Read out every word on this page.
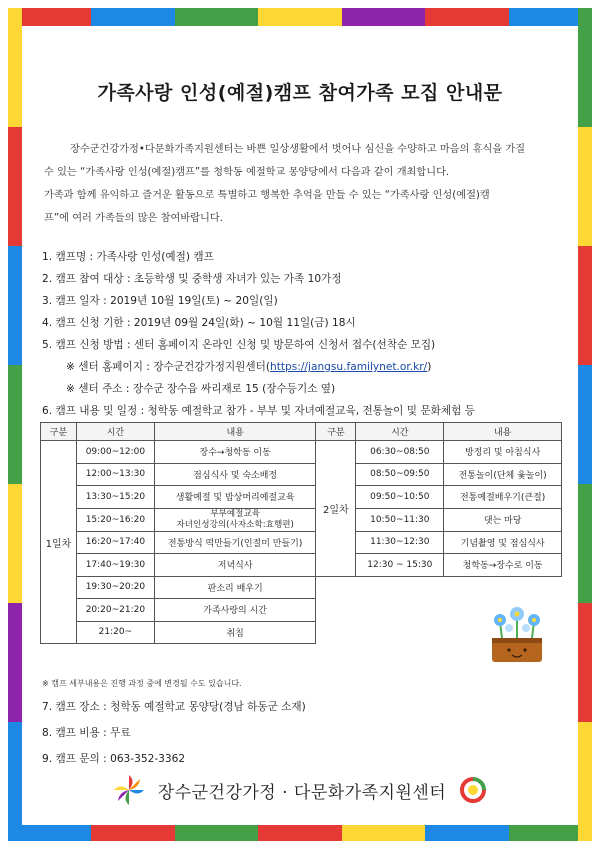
가족사랑 인성(예절)캠프 참여가족 모집 안내문

장수군건강가정•다문화가족지원센터는 바쁜 일상생활에서 벗어나 심신을 수양하고 마음의 휴식을 가질

수 있는 “가족사랑 인성(예절)캠프”를 청학동 예절학교 몽양당에서 다음과 같이 개최합니다.

가족과 함께 유익하고 즐거운 활동으로 특별하고 행복한 추억을 만들 수 있는 “가족사랑 인성(예절)캠

프”에 여러 가족들의 많은 참여바랍니다.

1. 캠프명 : 가족사랑 인성(예절) 캠프
2. 캠프 참여 대상 : 초등학생 및 중학생 자녀가 있는 가족 10가정
3. 캠프 일자 : 2019년 10월 19일(토) ~ 20일(일)
4. 캠프 신청 기한 : 2019년 09월 24일(화) ~ 10월 11일(금) 18시
5. 캠프 신청 방법 : 센터 홈페이지 온라인 신청 및 방문하여 신청서 접수(선착순 모집)
※ 센터 홈페이지 : 장수군건강가정지원센터(https://jangsu.familynet.or.kr/)
※ 센터 주소 : 장수군 장수읍 싸리재로 15 (장수등기소 옆)
6. 캠프 내용 및 일정 : 청학동 예절학교 참가 - 부부 및 자녀예절교육, 전통놀이 및 문화체험 등
구분	시간	내용	구분	시간	내용
1일차	09:00~12:00	장수→청학동 이동	2일차	06:30~08:50	방정리 및 아침식사
	12:00~13:30	점심식사 및 숙소배정		08:50~09:50	전통놀이(단체 윷놀이)
	13:30~15:20	생활예절 및 밥상머리예절교육		09:50~10:50	전통예절배우기(큰절)
	15:20~16:20	부부예절교육
자녀인성강의(사자소학:효행편)		10:50~11:30	댓는 마당
	16:20~17:40	전통방식 떡만들기(인절미 만들기)		11:30~12:30	기념촬영 및 점심식사
	17:40~19:30	저녁식사		12:30 ~ 15:30	청학동→장수로 이동
	19:30~20:20	판소리 배우기			
	20:20~21:20	가족사랑의 시간			
	21:20~	취침			
※ 캠프 세부내용은 진행 과정 중에 변경될 수도 있습니다.
7. 캠프 장소 : 청학동 예절학교 몽양당(경남 하동군 소재)
8. 캠프 비용 : 무료
9. 캠프 문의 : 063-352-3362
장수군건강가정 · 다문화가족지원센터
